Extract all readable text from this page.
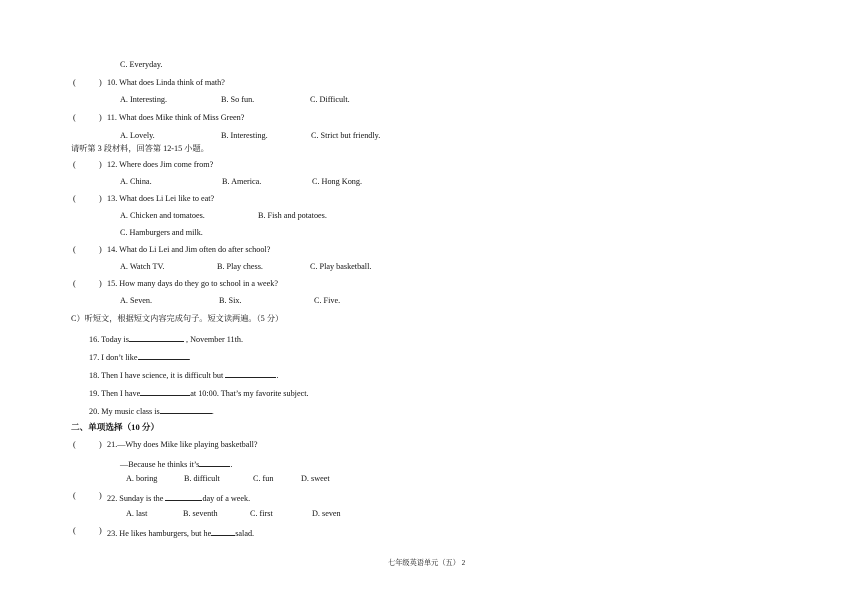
C. Everyday.
(	) 10. What does Linda think of math?
A. Interesting.	B. So fun.	C. Difficult.
(	) 11. What does Mike think of Miss Green?
A. Lovely.	B. Interesting.	C. Strict but friendly.
请听第 3 段材料，回答第 12-15 小题。
(	) 12. Where does Jim come from?
A. China.	B. America.	C. Hong Kong.
(	) 13. What does Li Lei like to eat?
A. Chicken and tomatoes.	B. Fish and potatoes.
C. Hamburgers and milk.
(	) 14. What do Li Lei and Jim often do after school?
A. Watch TV.	B. Play chess.	C. Play basketball.
(	) 15. How many days do they go to school in a week?
A. Seven.	B. Six.	C. Five.
C）听短文，根据短文内容完成句子。短文读两遍。（5 分）
16. Today is	, November 11th.
17. I don’t like	.
18. Then I have science, it is difficult but	.
19. Then I have	at 10:00. That’s my favorite subject.
20. My music class is	.
二、单项选择（10 分）
(	) 21.—Why does Mike like playing basketball?
—Because he thinks it’s	.
A. boring	B. difficult	C. fun	D. sweet
(	) 22. Sunday is the	day of a week.
A. last	B. seventh	C. first	D. seven
(	) 23. He likes hamburgers, but he	salad.
七年级英语单元（五） 2
